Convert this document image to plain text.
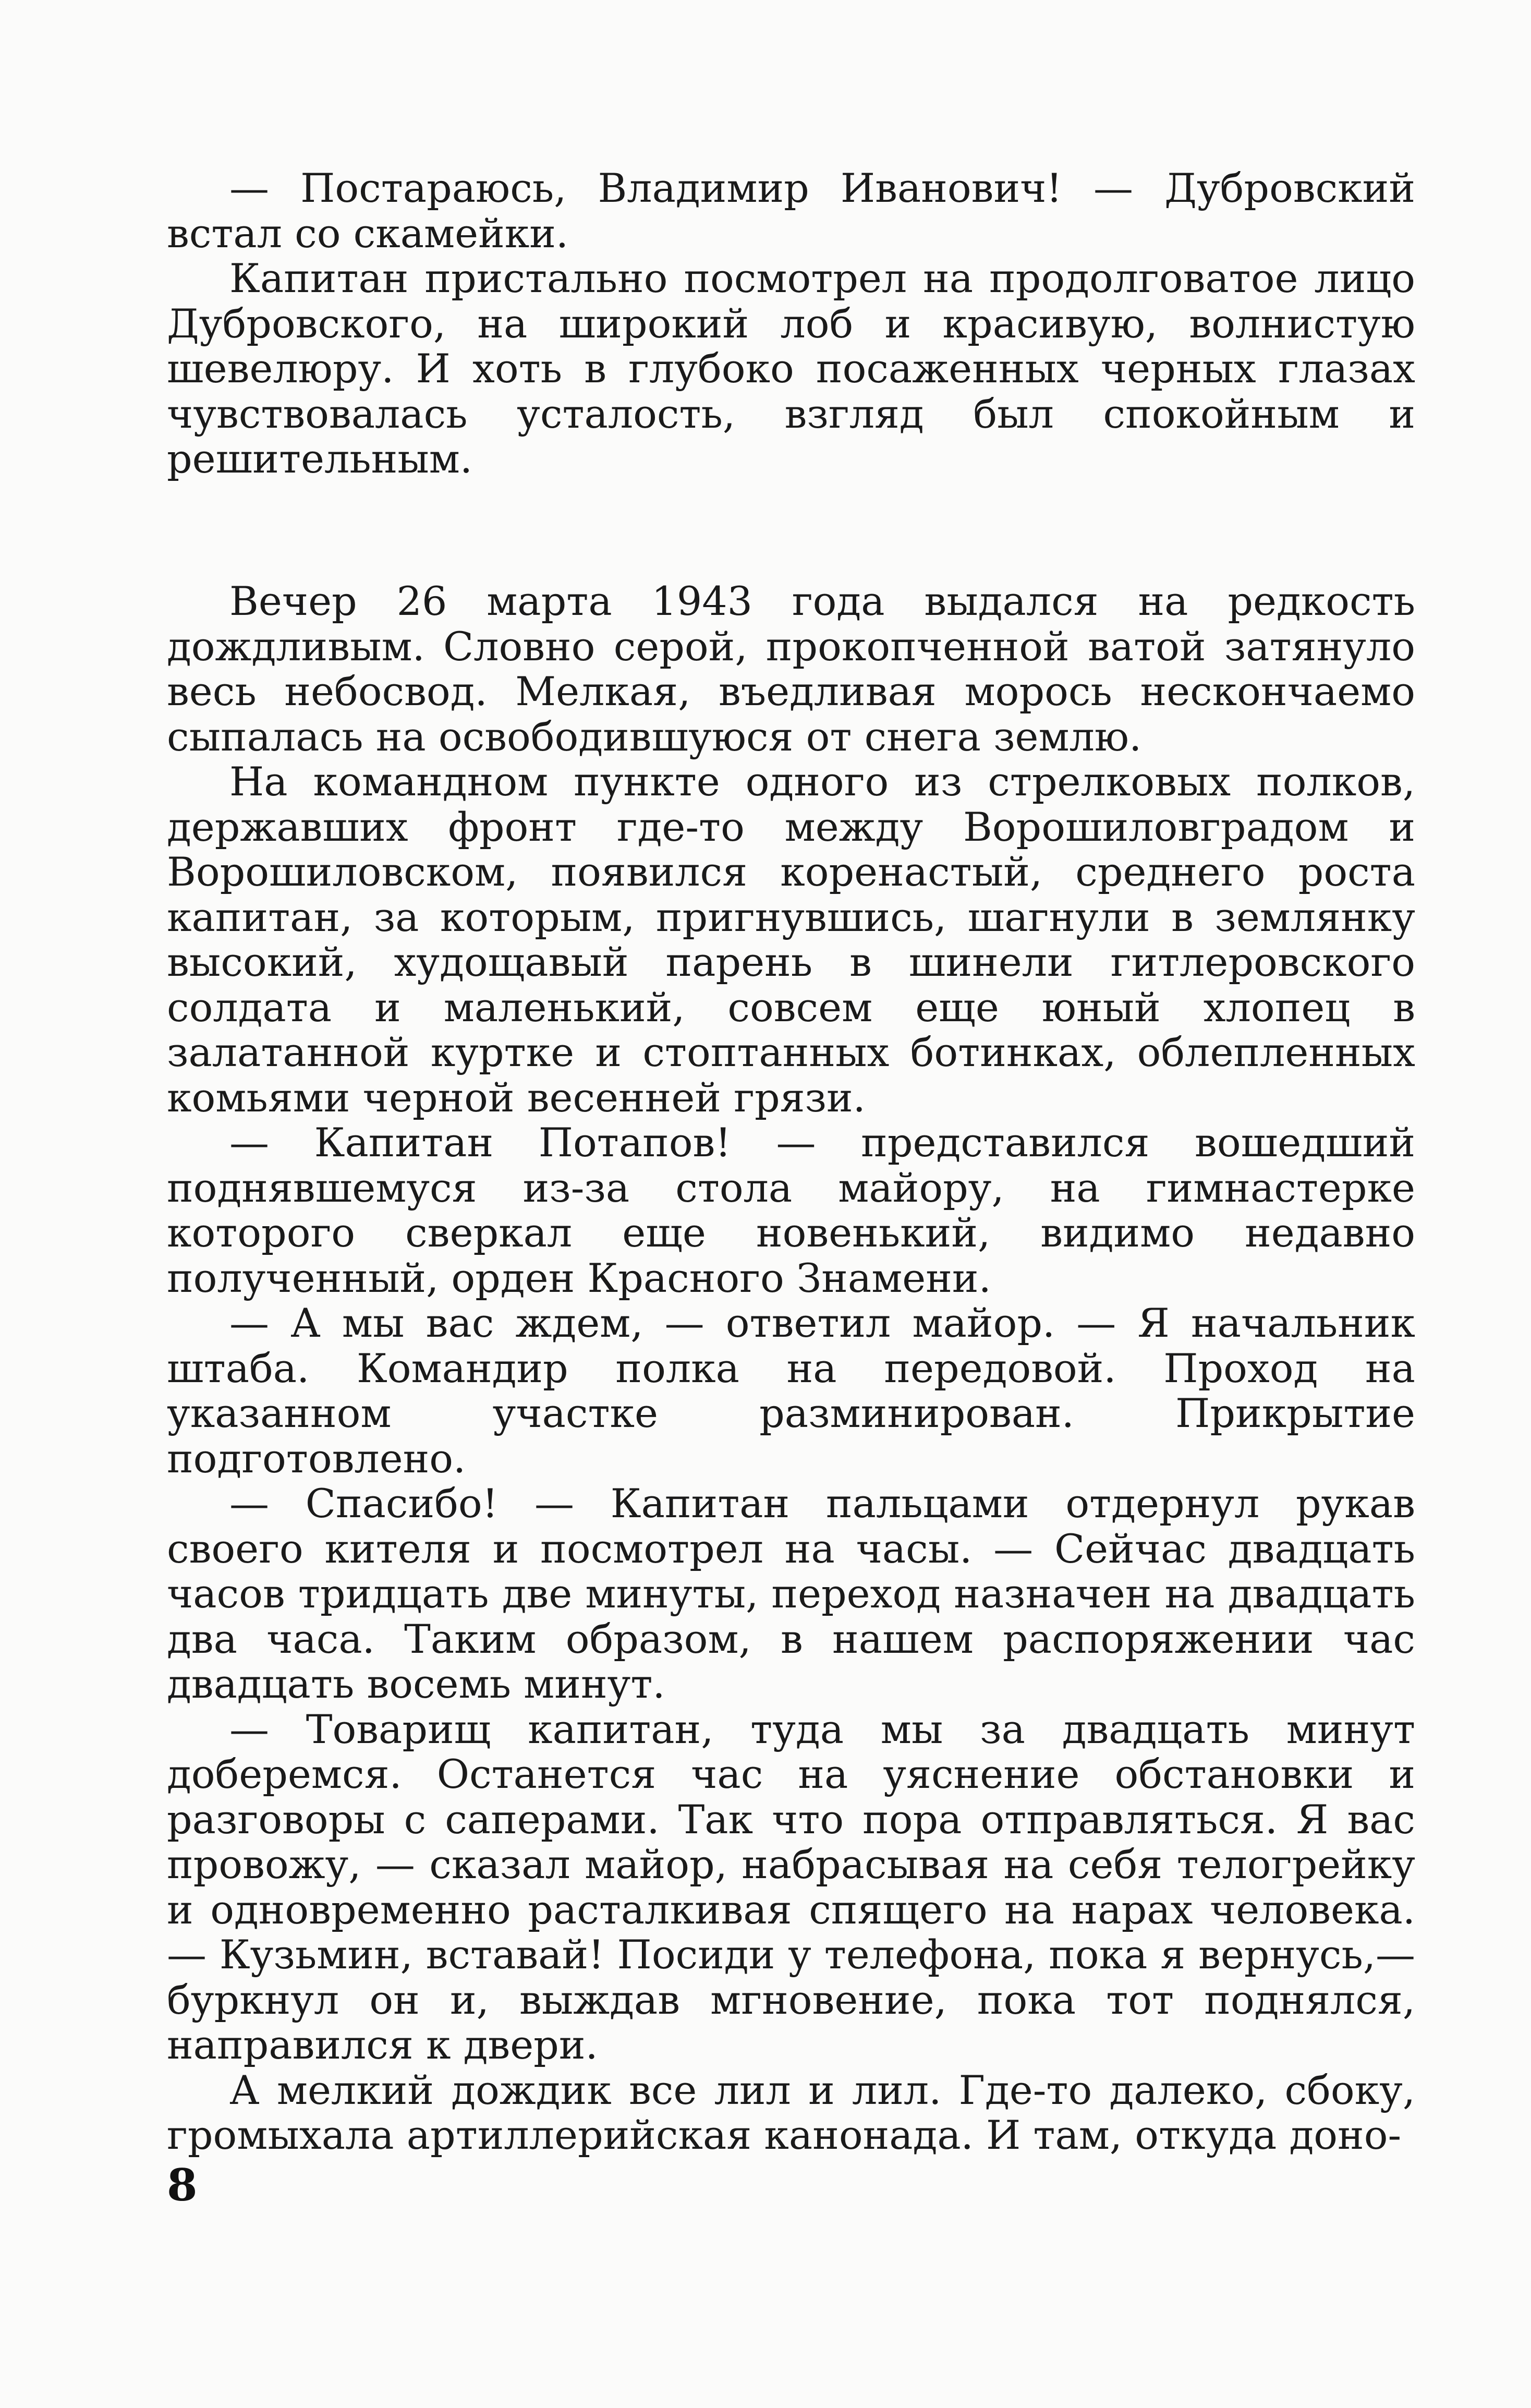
— Постараюсь, Владимир Иванович! — Дубровский встал со скамейки.

Капитан пристально посмотрел на продолговатое лицо Дубровского, на широкий лоб и красивую, волнистую шевелюру. И хоть в глубоко посаженных черных глазах чувствовалась усталость, взгляд был спокойным и решительным.

Вечер 26 марта 1943 года выдался на редкость дождливым. Словно серой, прокопченной ватой затянуло весь небосвод. Мелкая, въедливая морось нескончаемо сыпалась на освободившуюся от снега землю.

На командном пункте одного из стрелковых полков, державших фронт где-то между Ворошиловградом и Ворошиловском, появился коренастый, среднего роста капитан, за которым, пригнувшись, шагнули в землянку высокий, худощавый парень в шинели гитлеровского солдата и маленький, совсем еще юный хлопец в залатанной куртке и стоптанных ботинках, облепленных комьями черной весенней грязи.

— Капитан Потапов! — представился вошедший поднявшемуся из-за стола майору, на гимнастерке которого сверкал еще новенький, видимо недавно полученный, орден Красного Знамени.

— А мы вас ждем, — ответил майор. — Я начальник штаба. Командир полка на передовой. Проход на указанном участке разминирован. Прикрытие подготовлено.

— Спасибо! — Капитан пальцами отдернул рукав своего кителя и посмотрел на часы. — Сейчас двадцать часов тридцать две минуты, переход назначен на двадцать два часа. Таким образом, в нашем распоряжении час двадцать восемь минут.

— Товарищ капитан, туда мы за двадцать минут доберемся. Останется час на уяснение обстановки и разговоры с саперами. Так что пора отправляться. Я вас провожу, — сказал майор, набрасывая на себя телогрейку и одновременно расталкивая спящего на нарах человека.— Кузьмин, вставай! Посиди у телефона, пока я вернусь,— буркнул он и, выждав мгновение, пока тот поднялся, направился к двери.

А мелкий дождик все лил и лил. Где-то далеко, сбоку, громыхала артиллерийская канонада. И там, откуда доно-

8
